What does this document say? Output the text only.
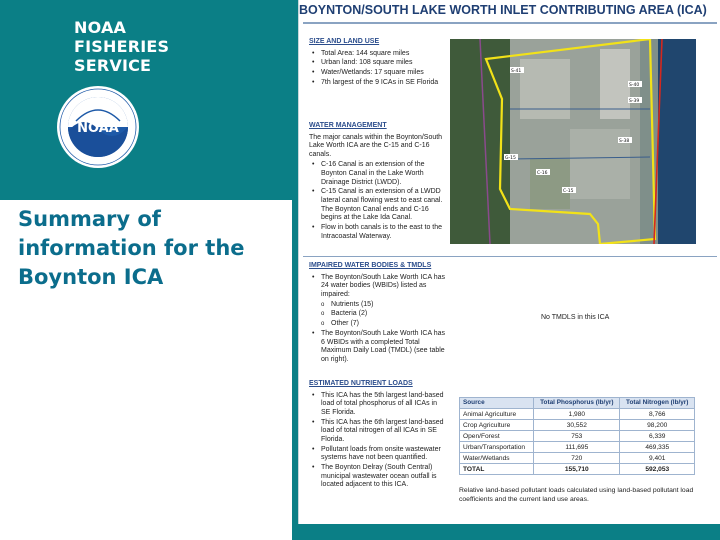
NOAA
FISHERIES
SERVICE
NOAA
Summary of information for the Boynton ICA
BOYNTON/SOUTH LAKE WORTH INLET CONTRIBUTING AREA (ICA)
SIZE AND LAND USE
• Total Area: 144 square miles
• Urban land: 108 square miles
• Water/Wetlands: 17 square miles
• 7th largest of the 9 ICAs in SE Florida
WATER MANAGEMENT

The major canals within the Boynton/South Lake Worth ICA are the C-15 and C-16 canals.

• C-16 Canal is an extension of the Boynton Canal in the Lake Worth Drainage District (LWDD).
• C-15 Canal is an extension of a LWDD lateral canal flowing west to east canal. The Boynton Canal ends and C-16 begins at the Lake Ida Canal.
• Flow in both canals is to the east to the Intracoastal Waterway.
S-41
S-40
S-39
S-38
G-15
C-16
C-15
IMPAIRED WATER BODIES & TMDLS
• The Boynton/South Lake Worth ICA has 24 water bodies (WBIDs) listed as impaired:
o Nutrients (15)
o Bacteria (2)
o Other (7)
• The Boynton/South Lake Worth ICA has 6 WBIDs with a completed Total Maximum Daily Load (TMDL) (see table on right).
No TMDLS in this ICA
ESTIMATED NUTRIENT LOADS
• This ICA has the 5th largest land-based load of total phosphorus of all ICAs in SE Florida.
• This ICA has the 6th largest land-based load of total nitrogen of all ICAs in SE Florida.
• Pollutant loads from onsite wastewater systems have not been quantified.
• The Boynton Delray (South Central) municipal wastewater ocean outfall is located adjacent to this ICA.
Source	Total Phosphorus (lb/yr)	Total Nitrogen (lb/yr)
Animal Agriculture	1,980	8,766
Crop Agriculture	30,552	98,200
Open/Forest	753	6,339
Urban/Transportation	111,695	469,335
Water/Wetlands	720	9,401
TOTAL	155,710	592,053
Relative land-based pollutant loads calculated using land-based pollutant load coefficients and the current land use areas.
